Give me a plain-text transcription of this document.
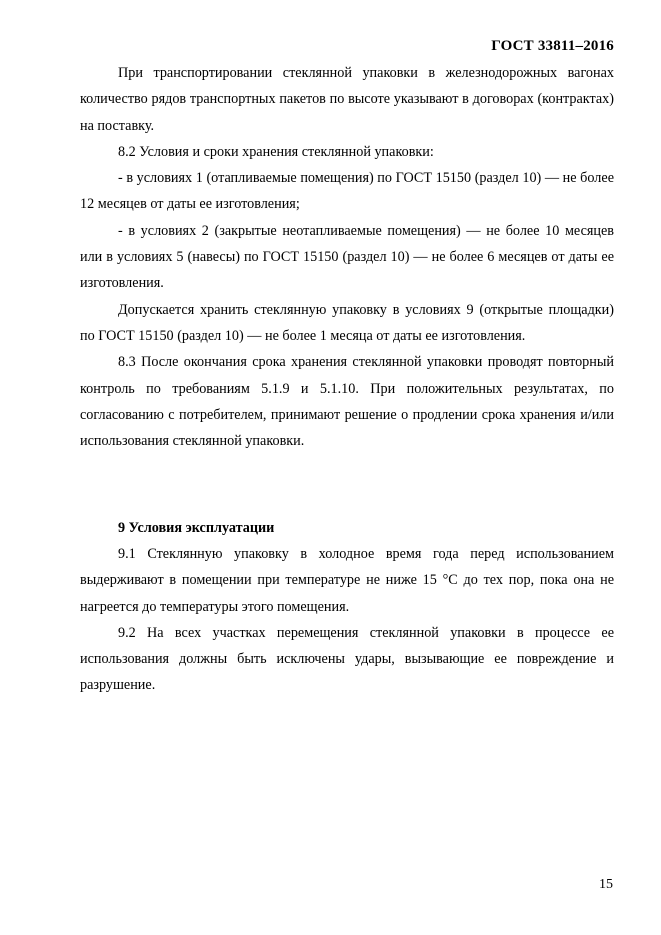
ГОСТ 33811–2016

При транспортировании стеклянной упаковки в железнодорожных вагонах количество рядов транспортных пакетов по высоте указывают в договорах (контрактах) на поставку.

8.2 Условия и сроки хранения стеклянной упаковки:

- в условиях 1 (отапливаемые помещения) по ГОСТ 15150 (раздел 10) — не более 12 месяцев от даты ее изготовления;

- в условиях 2 (закрытые неотапливаемые помещения) — не более 10 месяцев или в условиях 5 (навесы) по ГОСТ 15150 (раздел 10) — не более 6 месяцев от даты ее изготовления.

Допускается хранить стеклянную упаковку в условиях 9 (открытые площадки) по ГОСТ 15150 (раздел 10) — не более 1 месяца от даты ее изготовления.

8.3 После окончания срока хранения стеклянной упаковки проводят повторный контроль по требованиям 5.1.9 и 5.1.10. При положительных результатах, по согласованию с потребителем, принимают решение о продлении срока хранения и/или использования стеклянной упаковки.

9 Условия эксплуатации

9.1 Стеклянную упаковку в холодное время года перед использованием выдерживают в помещении при температуре не ниже 15 °С до тех пор, пока она не нагреется до температуры этого помещения.

9.2 На всех участках перемещения стеклянной упаковки в процессе ее использования должны быть исключены удары, вызывающие ее повреждение и разрушение.

15
